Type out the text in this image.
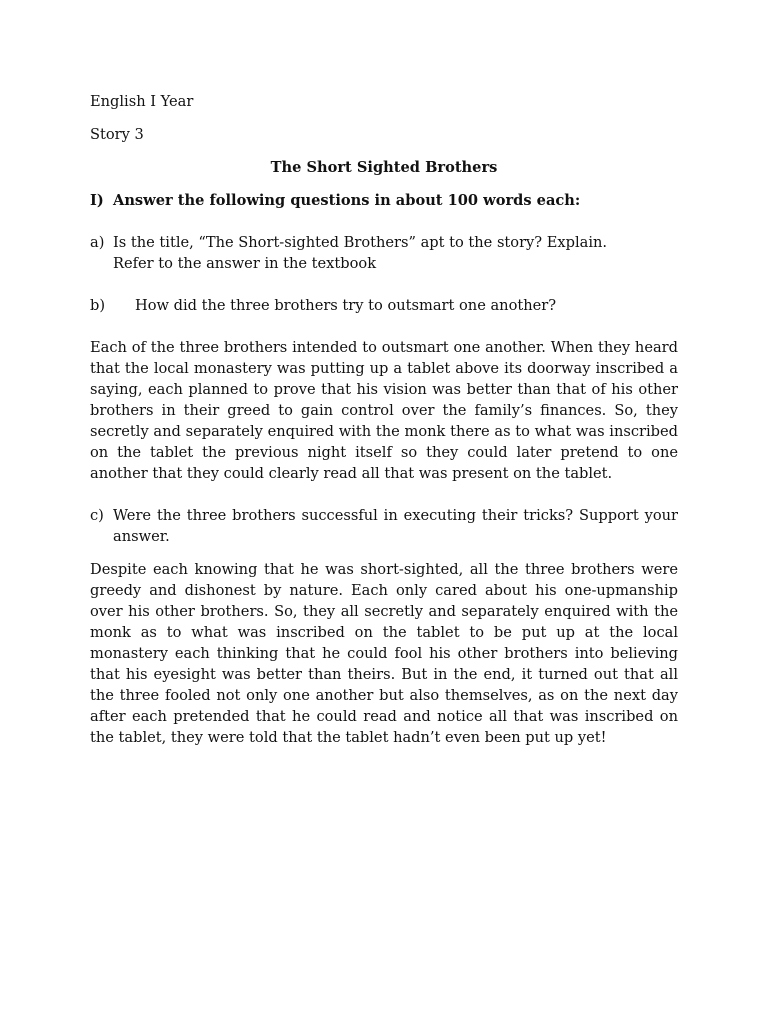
English I Year

Story 3

The Short Sighted Brothers

I) Answer the following questions in about 100 words each:
a) Is the title, “The Short-sighted Brothers” apt to the story? Explain.

Refer to the answer in the textbook

b)	How did the three brothers try to outsmart one another?

Each of the three brothers intended to outsmart one another. When they heard that the local monastery was putting up a tablet above its doorway inscribed a saying, each planned to prove that his vision was better than that of his other brothers in their greed to gain control over the family’s finances. So, they secretly and separately enquired with the monk there as to what was inscribed on the tablet the previous night itself so they could later pretend to one another that they could clearly read all that was present on the tablet.

c) Were the three brothers successful in executing their tricks? Support your answer.

Despite each knowing that he was short-sighted, all the three brothers were greedy and dishonest by nature. Each only cared about his one-upmanship over his other brothers. So, they all secretly and separately enquired with the monk as to what was inscribed on the tablet to be put up at the local monastery each thinking that he could fool his other brothers into believing that his eyesight was better than theirs. But in the end, it turned out that all the three fooled not only one another but also themselves, as on the next day after each pretended that he could read and notice all that was inscribed on the tablet, they were told that the tablet hadn’t even been put up yet!
